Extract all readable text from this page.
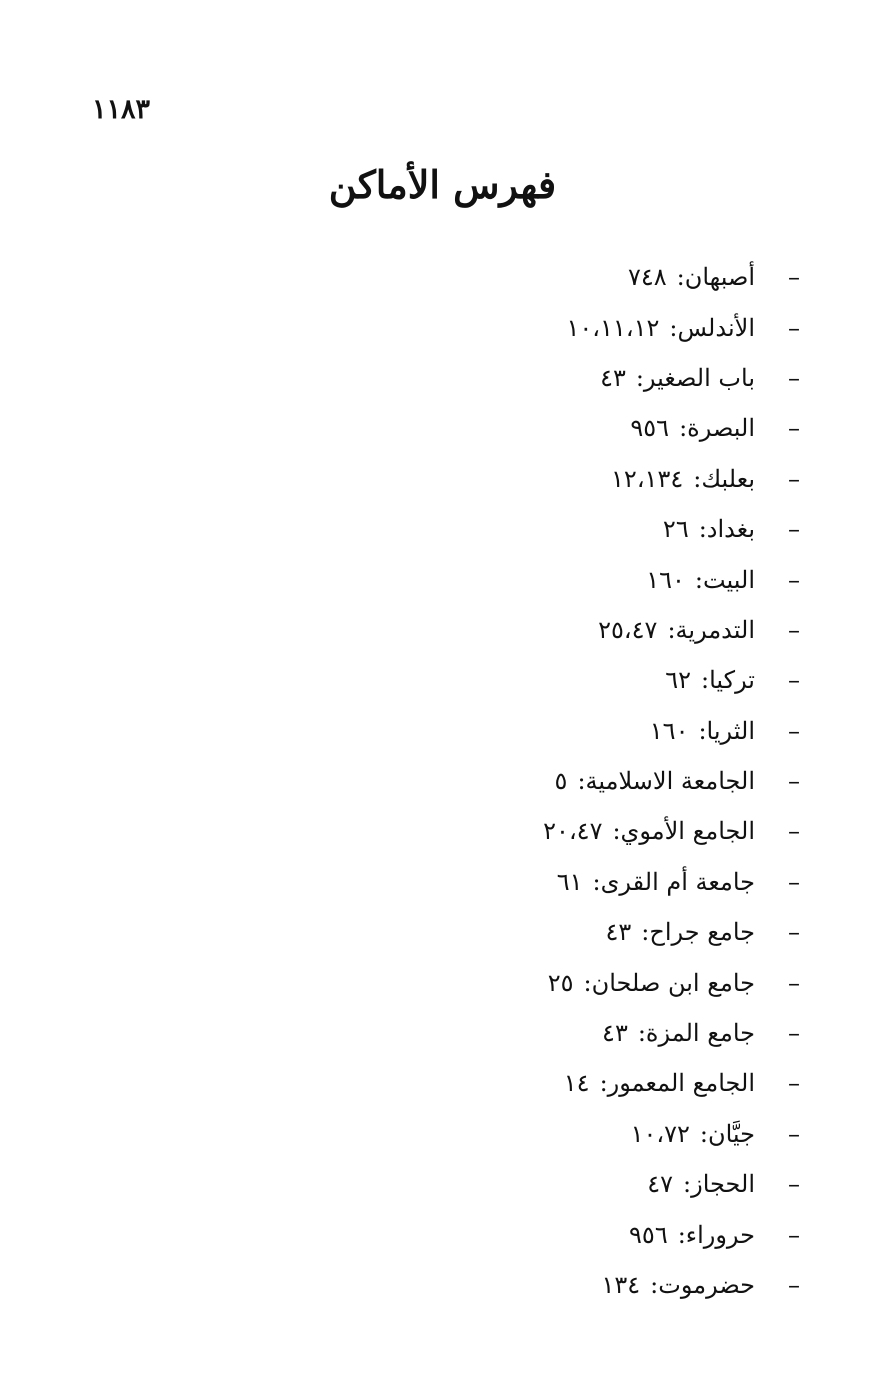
١١٨٣
فهرس الأماكن
–
أصبهان:
٧٤٨
–
الأندلس:
١٠،١١،١٢
–
باب الصغير:
٤٣
–
البصرة:
٩٥٦
–
بعلبك:
١٢،١٣٤
–
بغداد:
٢٦
–
البيت:
١٦٠
–
التدمرية:
٢٥،٤٧
–
تركيا:
٦٢
–
الثريا:
١٦٠
–
الجامعة الاسلامية:
٥
–
الجامع الأموي:
٢٠،٤٧
–
جامعة أم القرى:
٦١
–
جامع جراح:
٤٣
–
جامع ابن صلحان:
٢٥
–
جامع المزة:
٤٣
–
الجامع المعمور:
١٤
–
جيَّان:
١٠،٧٢
–
الحجاز:
٤٧
–
حروراء:
٩٥٦
–
حضرموت:
١٣٤
